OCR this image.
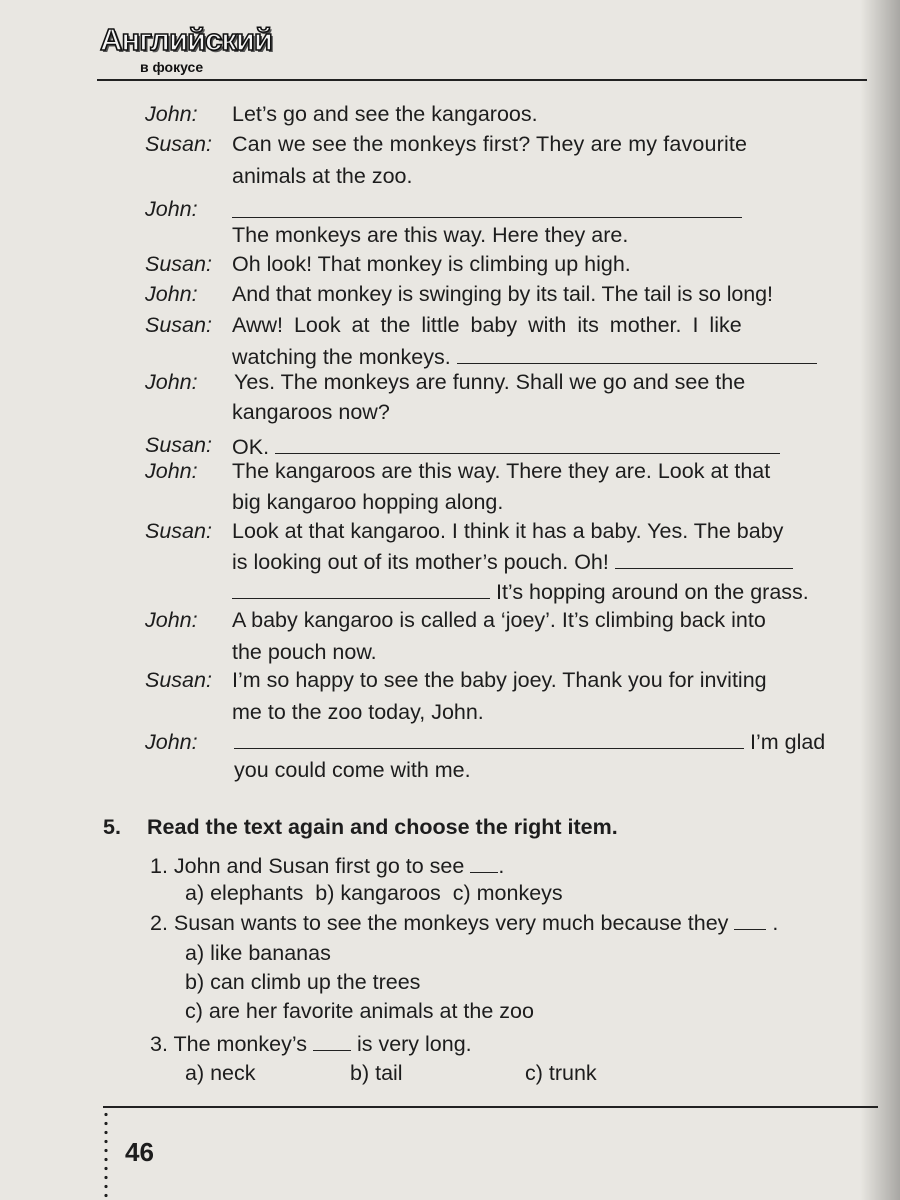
Английский
в фокусе
John: Let’s go and see the kangaroos.
Susan: Can we see the monkeys first? They are my favourite
animals at the zoo.
John:
The monkeys are this way. Here they are.
Susan: Oh look! That monkey is climbing up high.
John: And that monkey is swinging by its tail. The tail is so long!
Susan: Aww! Look at the little baby with its mother. I like
watching the monkeys.
John: Yes. The monkeys are funny. Shall we go and see the
kangaroos now?
Susan: OK.
John: The kangaroos are this way. There they are. Look at that
big kangaroo hopping along.
Susan: Look at that kangaroo. I think it has a baby. Yes. The baby
is looking out of its mother’s pouch. Oh!
It’s hopping around on the grass.
John: A baby kangaroo is called a ‘joey’. It’s climbing back into
the pouch now.
Susan: I’m so happy to see the baby joey. Thank you for inviting
me to the zoo today, John.
John:	I’m glad
you could come with me.
5. Read the text again and choose the right item.
1. John and Susan first go to see .
a) elephants b) kangaroos c) monkeys
2. Susan wants to see the monkeys very much because they .
a) like bananas
b) can climb up the trees
c) are her favorite animals at the zoo
3. The monkey’s is very long.
a) neck	b) tail	c) trunk
46
